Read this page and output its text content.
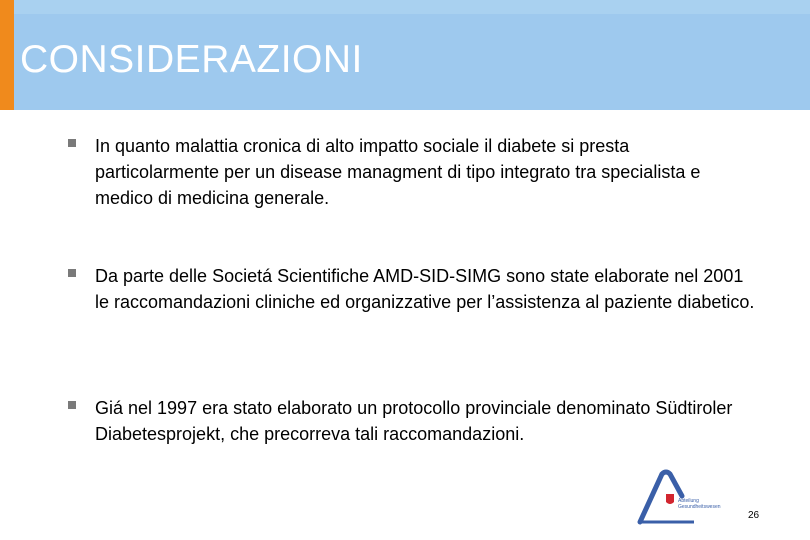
CONSIDERAZIONI
In quanto malattia cronica di alto impatto sociale il diabete si presta particolarmente per un disease managment di tipo integrato tra specialista e medico di medicina generale.
Da parte delle Societá Scientifiche AMD-SID-SIMG sono state elaborate nel 2001 le raccomandazioni cliniche ed organizzative per l’assistenza al paziente diabetico.
Giá nel 1997 era stato elaborato un protocollo provinciale denominato Südtiroler Diabetesprojekt, che precorreva tali raccomandazioni.
Abteilung
Gesundheitswesen
26
